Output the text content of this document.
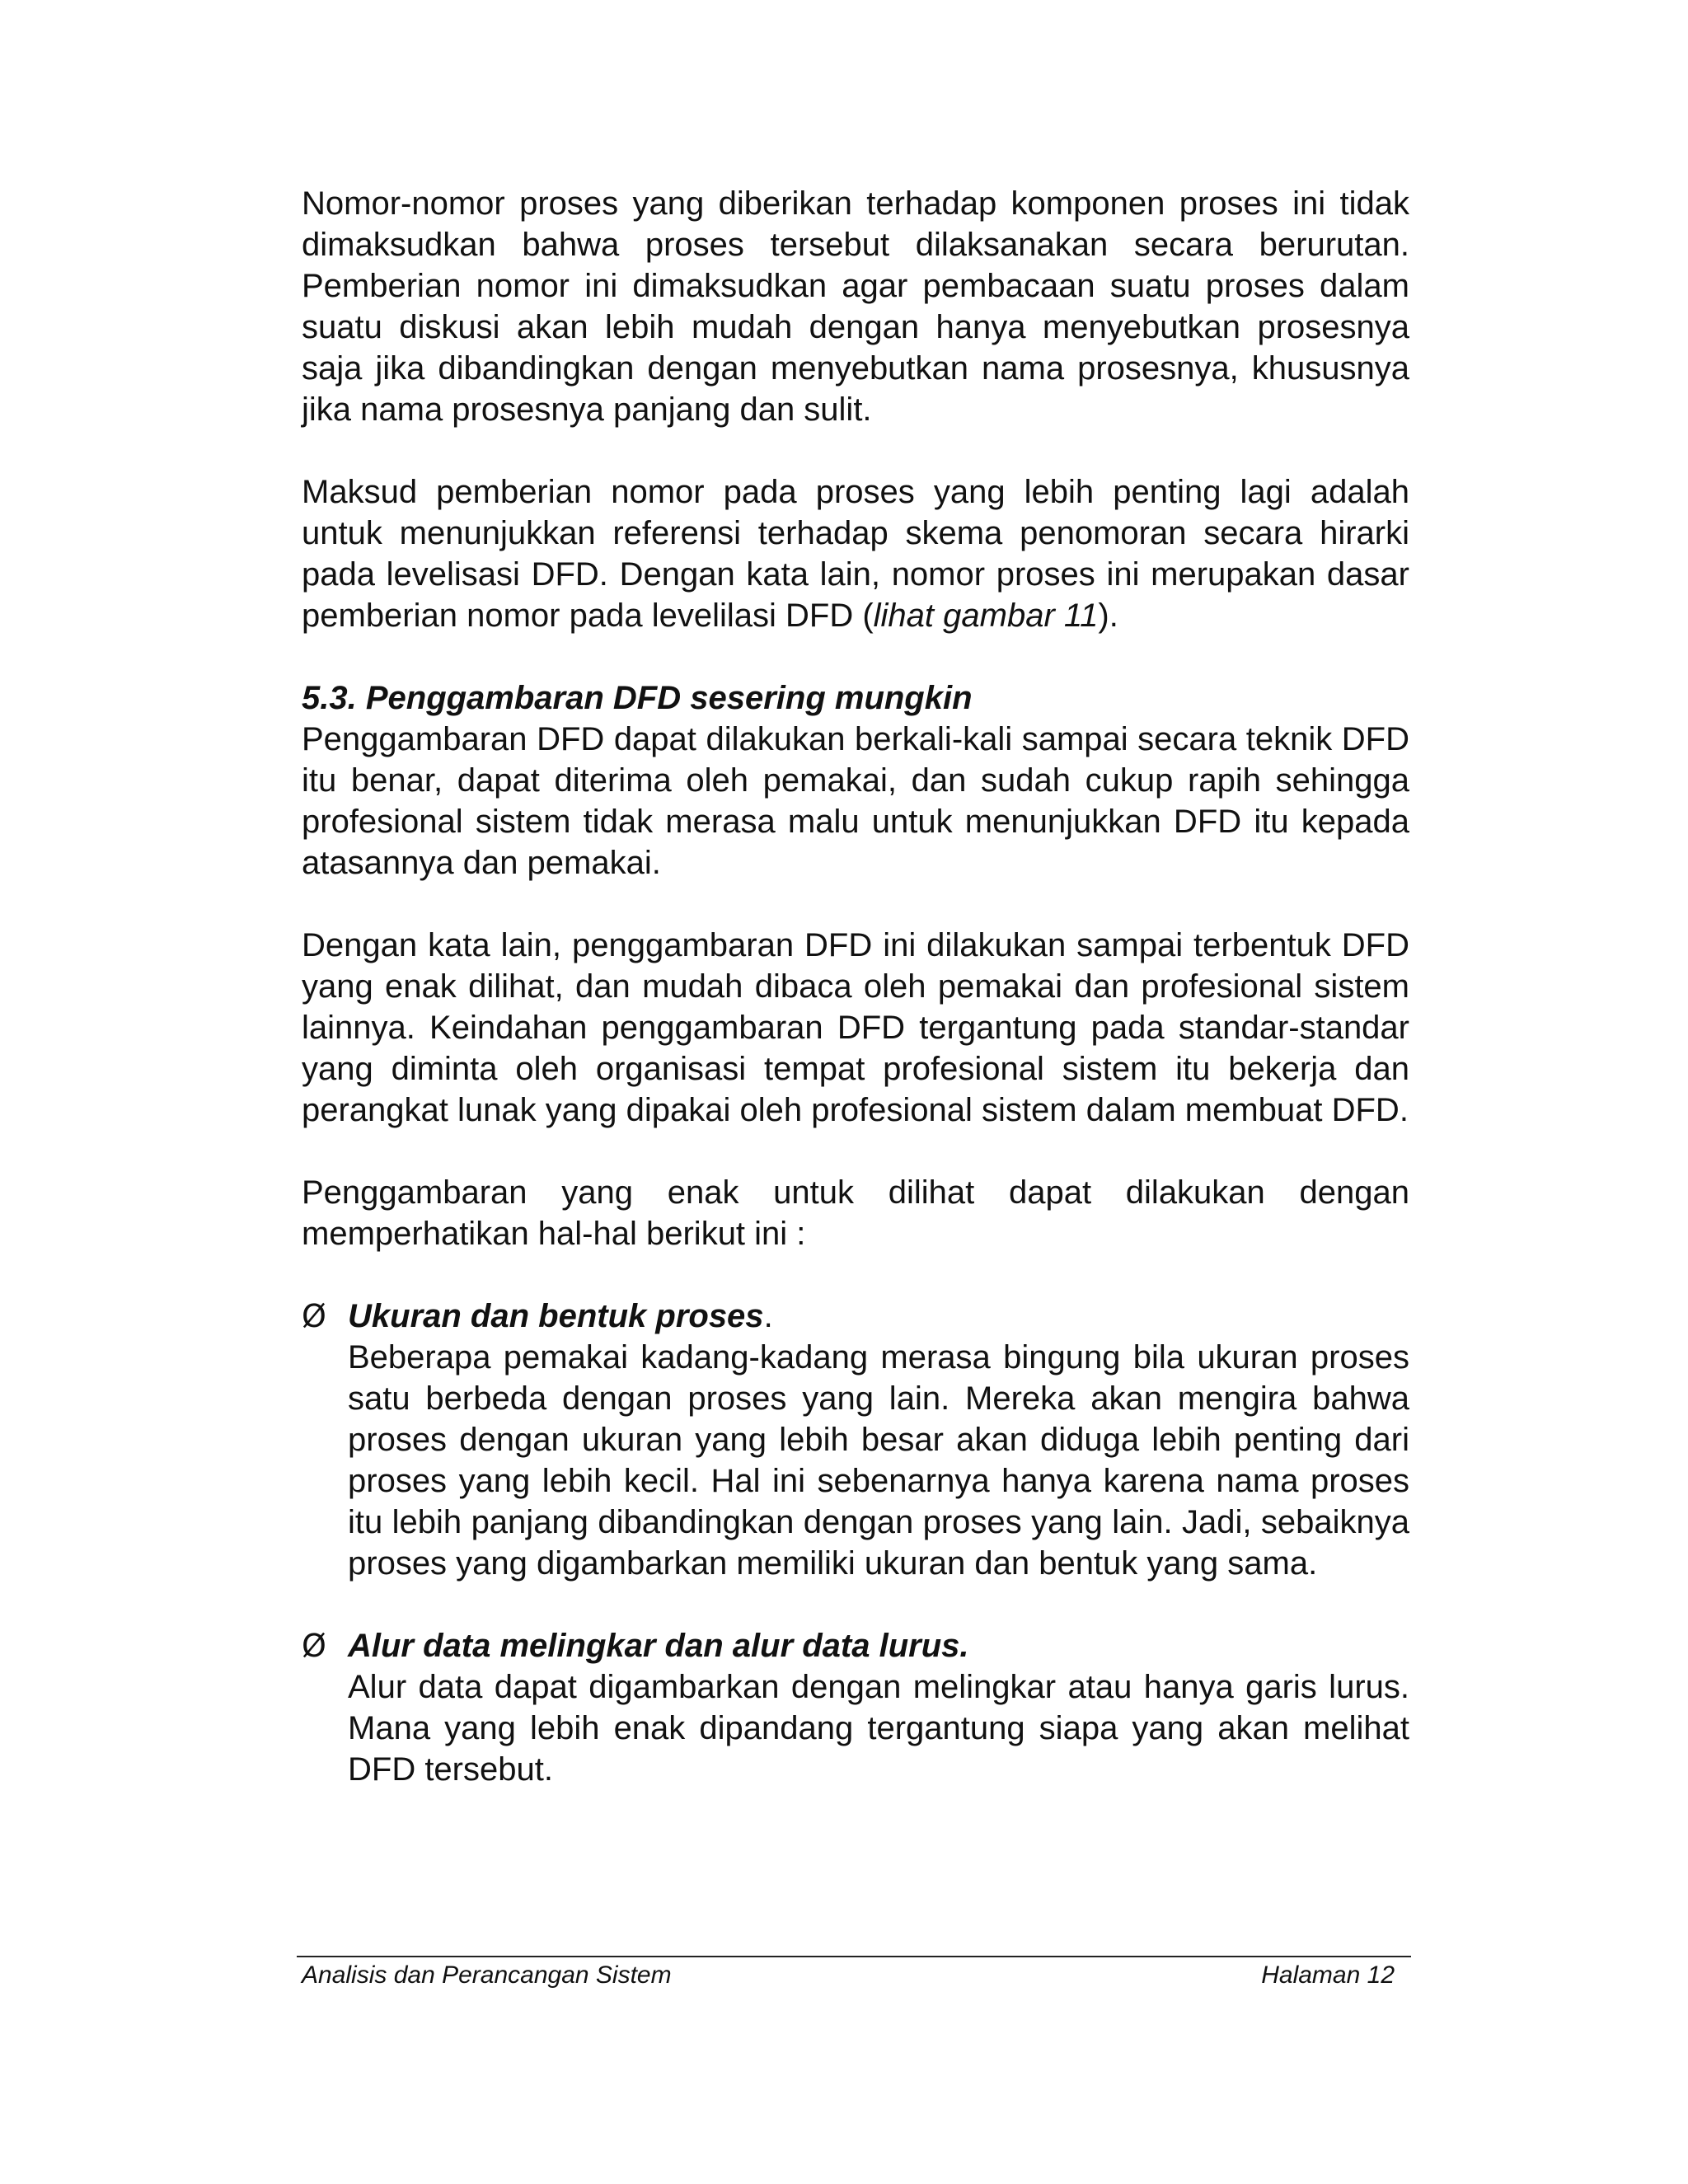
Nomor-nomor proses yang diberikan terhadap komponen proses ini tidak dimaksudkan bahwa proses tersebut dilaksanakan secara berurutan. Pemberian nomor ini dimaksudkan agar pembacaan suatu proses dalam suatu diskusi akan lebih mudah dengan hanya menyebutkan prosesnya saja jika dibandingkan dengan menyebutkan nama prosesnya, khususnya jika nama prosesnya panjang dan sulit.

Maksud pemberian nomor pada proses yang lebih penting lagi adalah untuk menunjukkan referensi terhadap skema penomoran secara hirarki pada levelisasi DFD. Dengan kata lain, nomor proses ini merupakan dasar pemberian nomor pada levelilasi DFD (lihat gambar 11).

5.3. Penggambaran DFD sesering mungkin

Penggambaran DFD dapat dilakukan berkali-kali sampai secara teknik DFD itu benar, dapat diterima oleh pemakai, dan sudah cukup rapih sehingga profesional sistem tidak merasa malu untuk menunjukkan DFD itu kepada atasannya dan pemakai.

Dengan kata lain, penggambaran DFD ini dilakukan sampai terbentuk DFD yang enak dilihat, dan mudah dibaca oleh pemakai dan profesional sistem lainnya. Keindahan penggambaran DFD tergantung pada standar-standar yang diminta oleh organisasi tempat profesional sistem itu bekerja dan perangkat lunak yang dipakai oleh profesional sistem dalam membuat DFD.

Penggambaran yang enak untuk dilihat dapat dilakukan dengan memperhatikan hal-hal berikut ini :

Ø Ukuran dan bentuk proses.
Beberapa pemakai kadang-kadang merasa bingung bila ukuran proses satu berbeda dengan proses yang lain. Mereka akan mengira bahwa proses dengan ukuran yang lebih besar akan diduga lebih penting dari proses yang lebih kecil. Hal ini sebenarnya hanya karena nama proses itu lebih panjang dibandingkan dengan proses yang lain. Jadi, sebaiknya proses yang digambarkan memiliki ukuran dan bentuk yang sama.
Ø Alur data melingkar dan alur data lurus.
Alur data dapat digambarkan dengan melingkar atau hanya garis lurus. Mana yang lebih enak dipandang tergantung siapa yang akan melihat DFD tersebut.
Analisis dan Perancangan Sistem	Halaman 12
